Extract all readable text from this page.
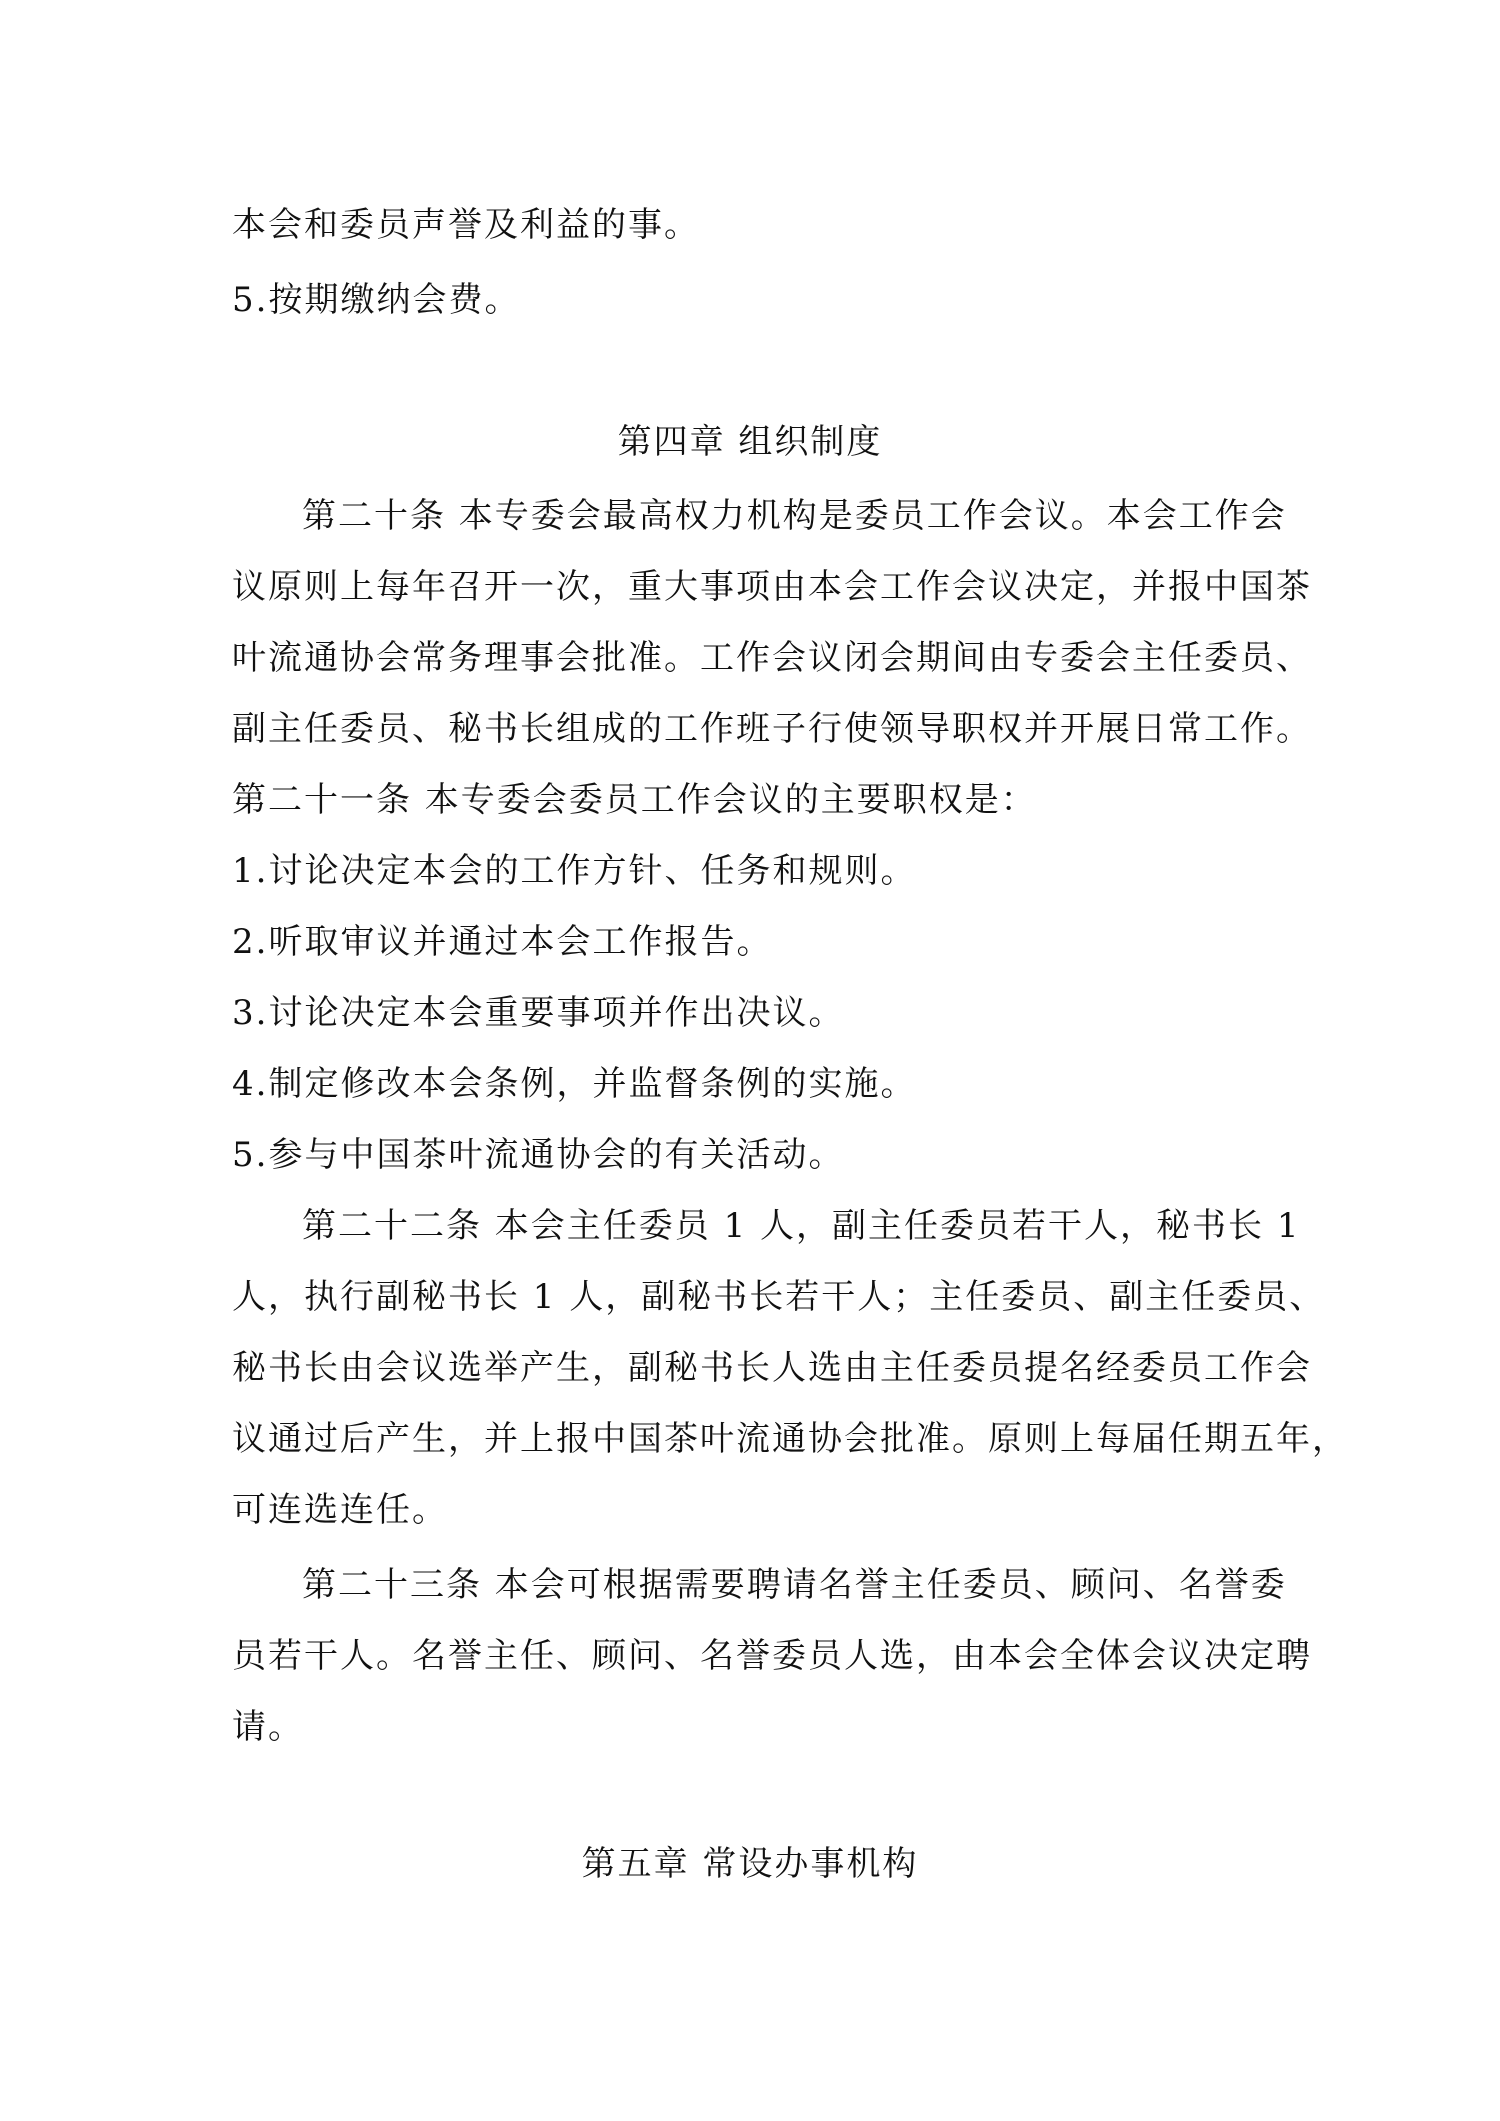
本会和委员声誉及利益的事。
5.按期缴纳会费。
第四章 组织制度
第二十条 本专委会最高权力机构是委员工作会议。本会工作会
议原则上每年召开一次，重大事项由本会工作会议决定，并报中国茶
叶流通协会常务理事会批准。工作会议闭会期间由专委会主任委员、
副主任委员、秘书长组成的工作班子行使领导职权并开展日常工作。
第二十一条 本专委会委员工作会议的主要职权是：
1.讨论决定本会的工作方针、任务和规则。
2.听取审议并通过本会工作报告。
3.讨论决定本会重要事项并作出决议。
4.制定修改本会条例，并监督条例的实施。
5.参与中国茶叶流通协会的有关活动。
第二十二条 本会主任委员 1 人，副主任委员若干人，秘书长 1
人，执行副秘书长 1 人，副秘书长若干人；主任委员、副主任委员、
秘书长由会议选举产生，副秘书长人选由主任委员提名经委员工作会
议通过后产生，并上报中国茶叶流通协会批准。原则上每届任期五年，
可连选连任。
第二十三条 本会可根据需要聘请名誉主任委员、顾问、名誉委
员若干人。名誉主任、顾问、名誉委员人选，由本会全体会议决定聘
请。
第五章 常设办事机构
